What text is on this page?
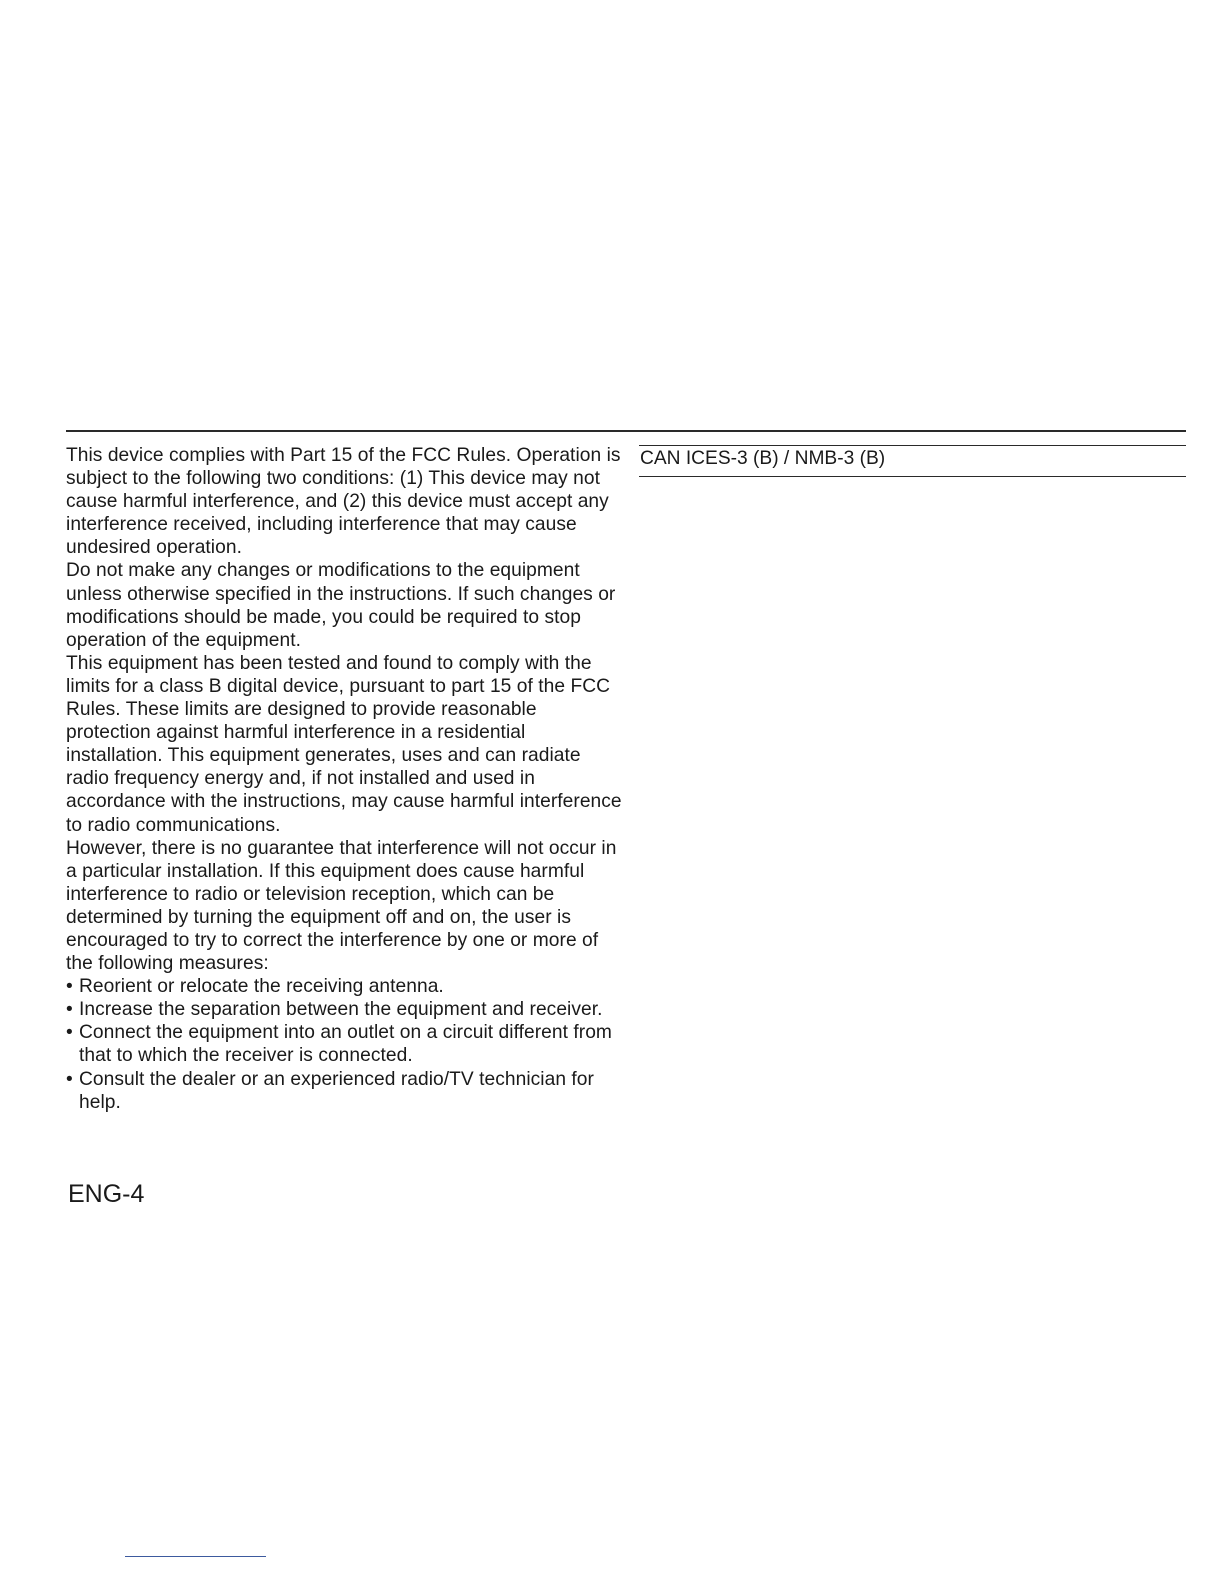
This device complies with Part 15 of the FCC Rules. Operation is subject to the following two conditions: (1) This device may not cause harmful interference, and (2) this device must accept any interference received, including interference that may cause undesired operation.

Do not make any changes or modifications to the equipment unless otherwise specified in the instructions. If such changes or modifications should be made, you could be required to stop operation of the equipment.

This equipment has been tested and found to comply with the limits for a class B digital device, pursuant to part 15 of the FCC Rules. These limits are designed to provide reasonable protection against harmful interference in a residential installation. This equipment generates, uses and can radiate radio frequency energy and, if not installed and used in accordance with the instructions, may cause harmful interference to radio communications.

However, there is no guarantee that interference will not occur in a particular installation. If this equipment does cause harmful interference to radio or television reception, which can be determined by turning the equipment off and on, the user is encouraged to try to correct the interference by one or more of the following measures:

• Reorient or relocate the receiving antenna.
• Increase the separation between the equipment and receiver.
• Connect the equipment into an outlet on a circuit different from that to which the receiver is connected.
• Consult the dealer or an experienced radio/TV technician for help.
CAN ICES-3 (B) / NMB-3 (B)
ENG-4
